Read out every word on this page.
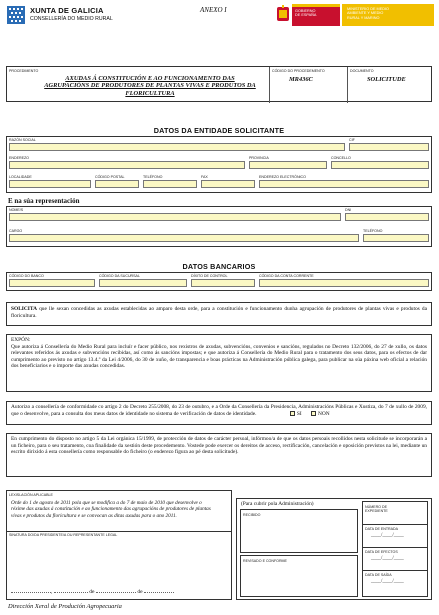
XUNTA DE GALICIA
CONSELLERÍA DO MEDIO RURAL
ANEXO I	GOBIERNO DE ESPAÑA
MINISTERIO DE MEDIO AMBIENTE Y MEDIO RURAL Y MARINO
PROCEDIMENTO
AXUDAS Á CONSTITUCIÓN E AO FUNCIONAMENTO DAS AGRUPACIÓNS DE PRODUTORES DE PLANTAS VIVAS E PRODUTOS DA FLORICULTURA
CÓDIGO DO PROCEDEMENTO
MR436C
DOCUMENTO
SOLICITUDE
DATOS DA ENTIDADE SOLICITANTE
RAZÓN SOCIAL	CIF
ENDEREZO	PROVINCIA	CONCELLO
LOCALIDADE	CÓDIGO POSTAL	TELÉFONO	FAX	ENDEREZO ELECTRÓNICO
E na súa representación
NOME/S	DNI
CARGO	TELÉFONO
DATOS BANCARIOS
CÓDIGO DO BANCO	CÓDIGO DA SUCURSAL	DÍXITO DE CONTROL	CÓDIGO DA CONTA CORRENTE
SOLICITA que lle sexan concedidas as axudas establecidas ao amparo desta orde, para a constitución e funcionamento dunha agrupación de produtores de plantas vivas e produtos da floricultura.
EXPÓN:
Que autoriza á Consellería do Medio Rural para incluír e facer público, nos rexistros de axudas, subvencións, convenios e sancións, regulados no Decreto 132/2006, do 27 de xullo, os datos relevantes referidos ás axudas e subvencións recibidas, así como ás sancións impostas; e que autoriza á Consellería do Medio Rural para o tratamento dos seus datos, para os efectos de dar cumprimento ao previsto no artigo 13.4.º da Lei 4/2006, do 30 de xuño, de transparencia e boas prácticas na Administración pública galega, para publicar na súa páxina web oficial a relación dos beneficiarios e o importe das axudas concedidas.
Autorizo a consellería de conformidade co artigo 2 do Decreto 255/2008, do 23 de outubro, e a Orde da Consellería da Presidencia, Administracións Públicas e Xustiza, do 7 de xullo de 2009, que o desenvolve, para a consulta dos meus datos de identidade no sistema de verificación de datos de identidade.	SI	NON
En cumprimento do disposto no artigo 5 da Lei orgánica 15/1999, de protección de datos de carácter persoal, infórmoo/a de que os datos persoais recollidos nesta solicitude se incorporarán a un ficheiro, para o seu tratamento, coa finalidade da xestión deste procedemento. Vostede pode exercer os dereitos de acceso, rectificación, cancelación e oposición previstos na lei, mediante un escrito dirixido á esta consellería como responsable do ficheiro (o enderezo figura ao pé desta solicitude).
LEXISLACIÓN APLICABLE
Orde do 1 de agosto de 2011 pola que se modifica a do 7 de maio de 2010 que desenvolve o réxime das axudas á constitución e ao funcionamento das agrupacións de produtores de plantas vivas e produtos da floricultura e se convocan as ditas axudas para o ano 2011.
SINATURA DO/DA PRESIDENTE/A OU REPRESENTANTE LEGAL
,	de	de
(Para cubrir pola Administración)
RECIBIDO
REVISADO E CONFORME
NÚMERO DE EXPEDIENTE
DATA DE ENTRADA
____/____/____
DATA DE EFECTOS
____/____/____
DATA DE SAÍDA
____/____/____
Dirección Xeral de Produción Agropecuaria
